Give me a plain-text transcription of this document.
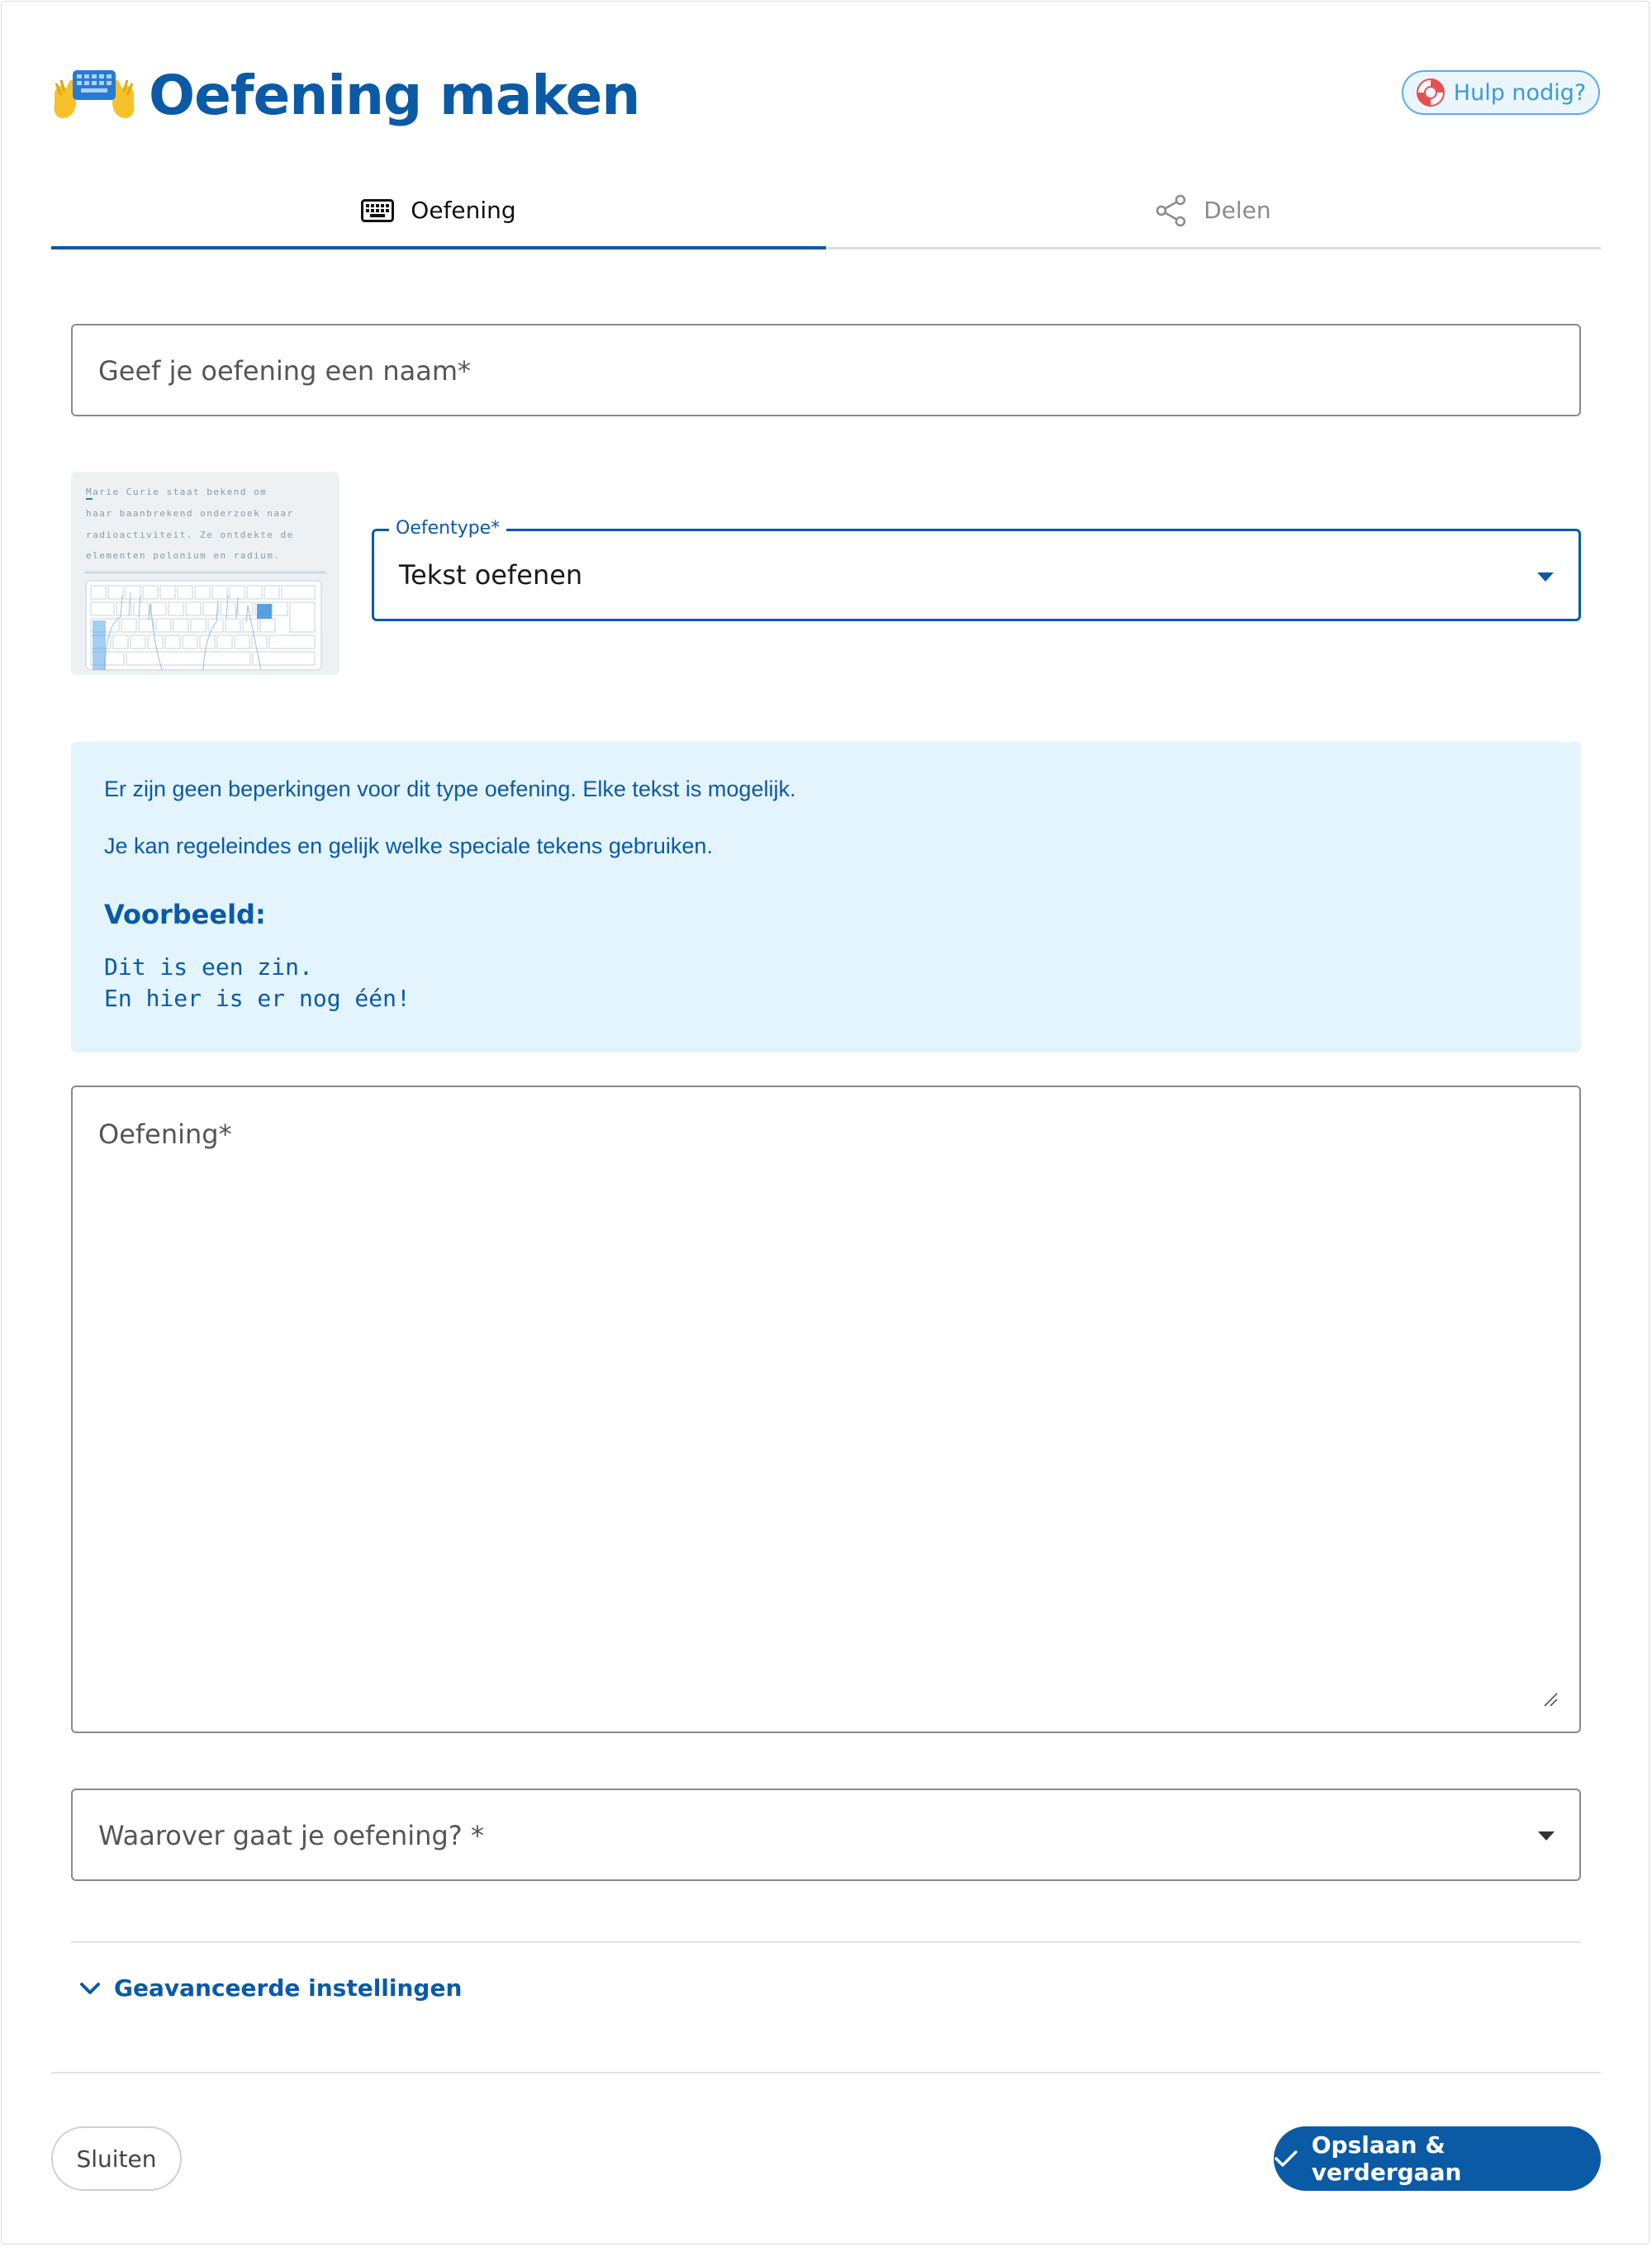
Oefening maken	Hulp nodig?
Oefening	Delen
Geef je oefening een naam*
Marie Curie staat bekend om
haar baanbrekend onderzoek naar
radioactiviteit. Ze ontdekte de
elementen polonium en radium.
Oefentype*
Tekst oefenen

Er zijn geen beperkingen voor dit type oefening. Elke tekst is mogelijk.

Je kan regeleindes en gelijk welke speciale tekens gebruiken.

Voorbeeld:
Dit is een zin.
En hier is er nog één!
Oefening*
Waarover gaat je oefening? *
Geavanceerde instellingen
Sluiten	Opslaan & verdergaan
